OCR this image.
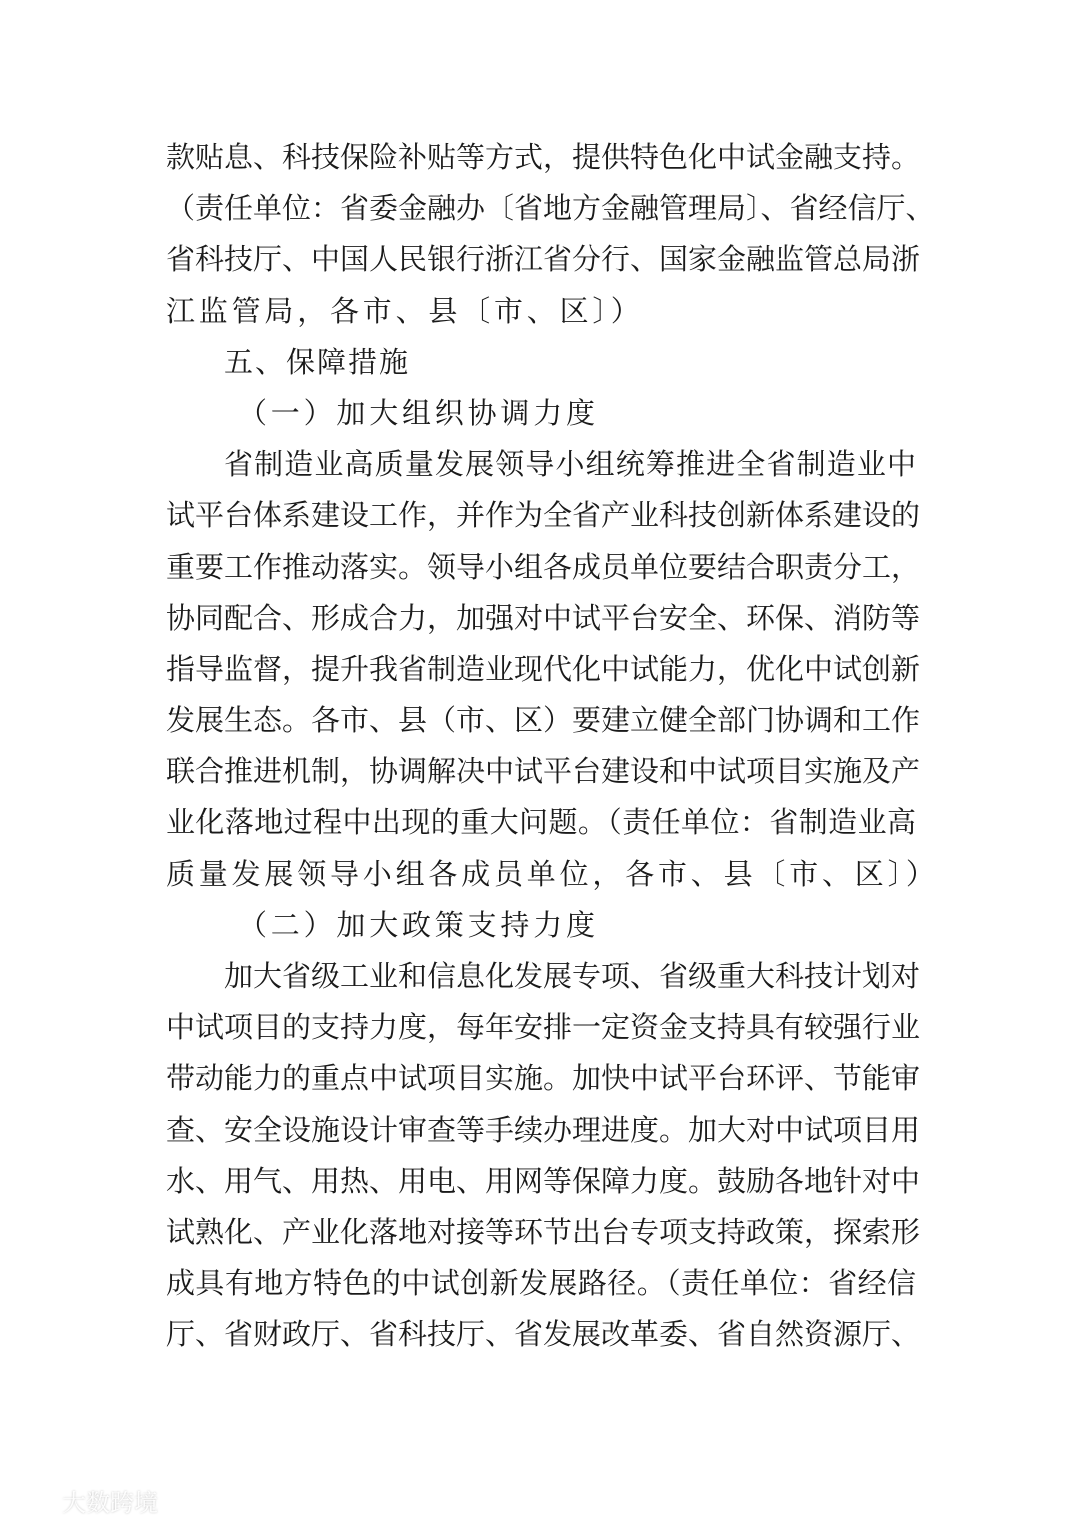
款贴息、科技保险补贴等方式，提供特色化中试金融支持。
（责任单位：省委金融办〔省地方金融管理局〕、省经信厅、
省科技厅、中国人民银行浙江省分行、国家金融监管总局浙
江监管局，各市、县〔市、区〕）
五、保障措施
（一）加大组织协调力度
省制造业高质量发展领导小组统筹推进全省制造业中
试平台体系建设工作，并作为全省产业科技创新体系建设的
重要工作推动落实。领导小组各成员单位要结合职责分工，
协同配合、形成合力，加强对中试平台安全、环保、消防等
指导监督，提升我省制造业现代化中试能力，优化中试创新
发展生态。各市、县（市、区）要建立健全部门协调和工作
联合推进机制，协调解决中试平台建设和中试项目实施及产
业化落地过程中出现的重大问题。（责任单位：省制造业高
质量发展领导小组各成员单位，各市、县〔市、区〕）
（二）加大政策支持力度
加大省级工业和信息化发展专项、省级重大科技计划对
中试项目的支持力度，每年安排一定资金支持具有较强行业
带动能力的重点中试项目实施。加快中试平台环评、节能审
查、安全设施设计审查等手续办理进度。加大对中试项目用
水、用气、用热、用电、用网等保障力度。鼓励各地针对中
试熟化、产业化落地对接等环节出台专项支持政策，探索形
成具有地方特色的中试创新发展路径。（责任单位：省经信
厅、省财政厅、省科技厅、省发展改革委、省自然资源厅、
大数跨境
